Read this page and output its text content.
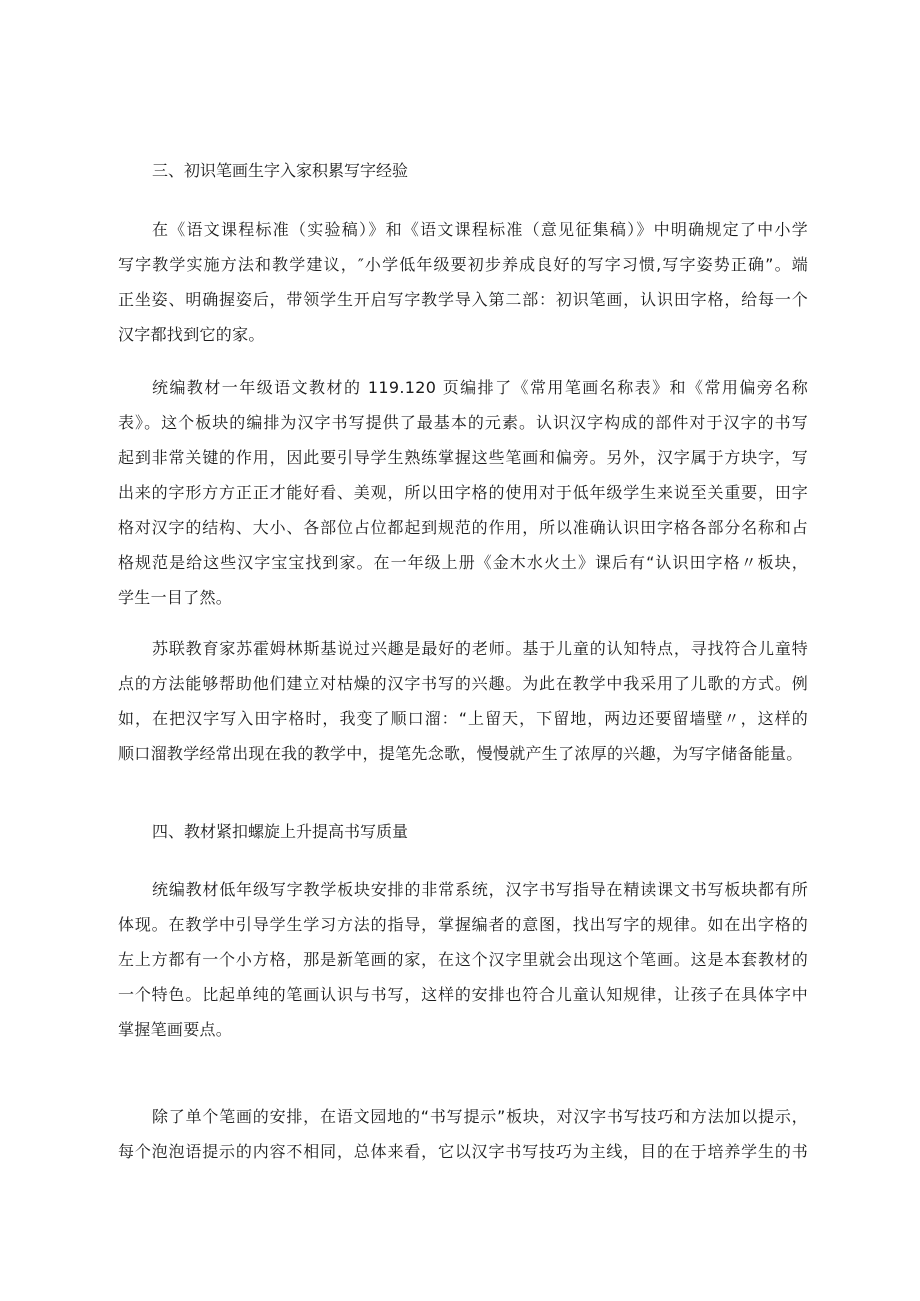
三、初识笔画生字入家积累写字经验
在《语文课程标准（实验稿）》和《语文课程标准（意见征集稿）》中明确规定了中小学
写字教学实施方法和教学建议，″小学低年级要初步养成良好的写字习惯,写字姿势正确”。端
正坐姿、明确握姿后，带领学生开启写字教学导入第二部：初识笔画，认识田字格，给每一个
汉字都找到它的家。
统编教材一年级语文教材的 119.120 页编排了《常用笔画名称表》和《常用偏旁名称
表》。这个板块的编排为汉字书写提供了最基本的元素。认识汉字构成的部件对于汉字的书写
起到非常关键的作用，因此要引导学生熟练掌握这些笔画和偏旁。另外，汉字属于方块字，写
出来的字形方方正正才能好看、美观，所以田字格的使用对于低年级学生来说至关重要，田字
格对汉字的结构、大小、各部位占位都起到规范的作用，所以准确认识田字格各部分名称和占
格规范是给这些汉字宝宝找到家。在一年级上册《金木水火土》课后有“认识田字格〃板块，
学生一目了然。
苏联教育家苏霍姆林斯基说过兴趣是最好的老师。基于儿童的认知特点，寻找符合儿童特
点的方法能够帮助他们建立对枯燥的汉字书写的兴趣。为此在教学中我采用了儿歌的方式。例
如，在把汉字写入田字格时，我变了顺口溜：“上留天，下留地，两边还要留墙壁〃，这样的
顺口溜教学经常出现在我的教学中，提笔先念歌，慢慢就产生了浓厚的兴趣，为写字储备能量。
四、教材紧扣螺旋上升提高书写质量
统编教材低年级写字教学板块安排的非常系统，汉字书写指导在精读课文书写板块都有所
体现。在教学中引导学生学习方法的指导，掌握编者的意图，找出写字的规律。如在出字格的
左上方都有一个小方格，那是新笔画的家，在这个汉字里就会出现这个笔画。这是本套教材的
一个特色。比起单纯的笔画认识与书写，这样的安排也符合儿童认知规律，让孩子在具体字中
掌握笔画要点。
除了单个笔画的安排，在语文园地的“书写提示”板块，对汉字书写技巧和方法加以提示，
每个泡泡语提示的内容不相同，总体来看，它以汉字书写技巧为主线，目的在于培养学生的书
